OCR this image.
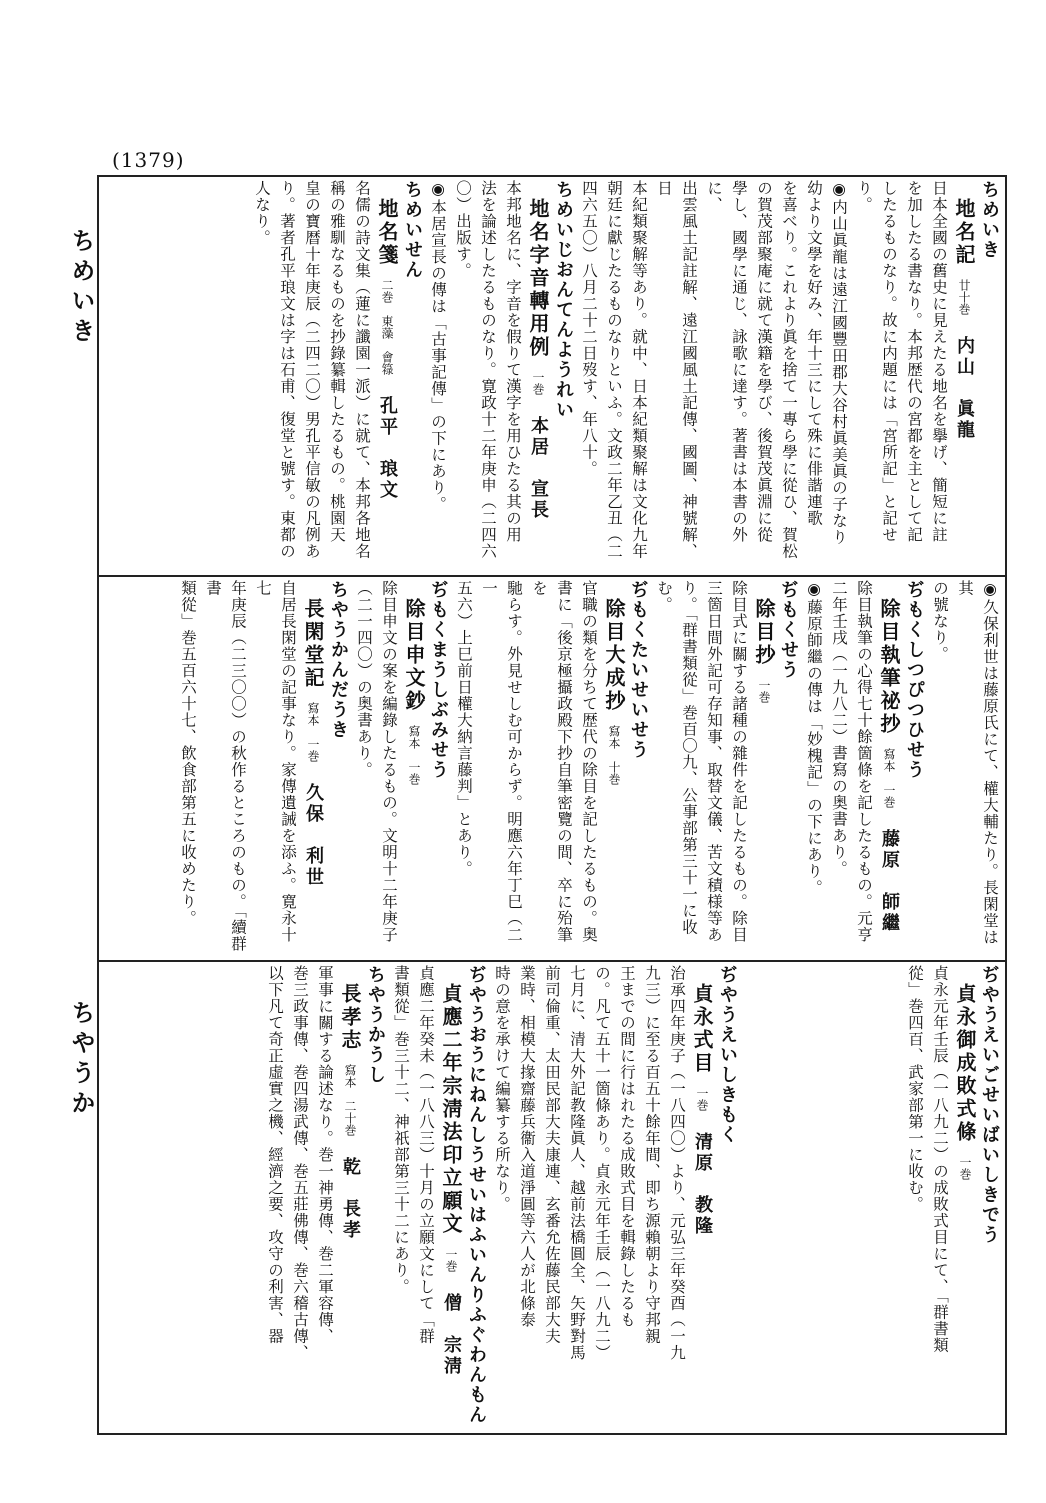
(1379)
ちめいき
ちやうか
ちめいき
地名記　廿十巻　内山　眞龍
日本全國の舊史に見えたる地名を擧げ、簡短に註
を加したる書なり。本邦歴代の宮都を主として記
したるものなり。故に内題には「宮所記」と記せり。
◉内山眞龍は遠江國豐田郡大谷村眞美眞の子なり
幼より文學を好み、年十三にして殊に俳諧連歌
を喜べり。これより眞を捨て一專ら學に從ひ、賀松
の賀茂部聚庵に就て漢籍を學び、後賀茂眞淵に從
學し、國學に通じ、詠歌に達す。著書は本書の外に、
出雲風土記註解、遠江國風土記傳、國圖、神號解、日
本紀類聚解等あり。就中、日本紀類聚解は文化九年
朝廷に獻じたるものなりといふ。文政二年乙丑（二
四六五〇）八月二十二日歿す、年八十。
ちめいじおんてんようれい
地名字音轉用例　一巻　本居　宣長
本邦地名に、字音を假りて漢字を用ひたる其の用
法を論述したるものなり。寛政十二年庚申（二四六
〇）出版す。
◉本居宣長の傳は「古事記傳」の下にあり。
ちめいせん
地名箋　二巻　東藻　會簶　孔平　琅文
名儒の詩文集（蓮に讖園一派）に就て、本邦各地名
稱の雅馴なるものを抄錄纂輯したるもの。桃園天
皇の寶暦十年庚辰（二四二〇）男孔平信敏の凡例あ
り。著者孔平琅文は字は石甫、復堂と號す。東都の
人なり。
◉久保利世は藤原氏にて、權大輔たり。長閑堂は其
の號なり。
ぢもくしつぴつひせう
除目執筆祕抄　寫本　一巻　藤原　師繼
除目執筆の心得七十餘箇條を記したるもの。元亨
二年壬戌（一九八二）書寫の奥書あり。
◉藤原師繼の傳は「妙槐記」の下にあり。
ぢもくせう
除目抄　一巻
除目式に關する諸種の雜件を記したるもの。除目
三箇日間外記可存知事、取替文儀、苦文積様等あ
り。「群書類從」巻百〇九、公事部第三十一に收む。
ぢもくたいせいせう
除目大成抄　寫本　十巻
官職の類を分ちて歴代の除目を記したるもの。奥
書に「後京極攝政殿下抄自筆密覽の間、卒に殆筆を
馳らす。外見せしむ可からず。明應六年丁巳（二一
五六）上巳前日權大納言藤判」とあり。
ぢもくまうしぶみせう
除目申文鈔　寫本　一巻
除目申文の案を編錄したるもの。文明十二年庚子
（二一四〇）の奥書あり。
ちやうかんだうき
長閑堂記　寫本　一巻　久保　利世
自居長閑堂の記事なり。家傳遺誡を添ふ。寛永十七
年庚辰（二三〇〇）の秋作るところのもの。「續群書
類從」巻五百六十七、飲食部第五に收めたり。
ぢやうえいごせいばいしきでう
貞永御成敗式條　一巻
貞永元年壬辰（一八九二）の成敗式目にて、「群書類
從」巻四百、武家部第一に收む。
ぢやうえいしきもく
貞永式目　一巻　清原　教隆
治承四年庚子（一八四〇）より、元弘三年癸酉（一九
九三）に至る百五十餘年間、即ち源賴朝より守邦親
王までの間に行はれたる成敗式目を輯錄したるも
の。凡て五十一箇條あり。貞永元年壬辰（一八九二）
七月に、清大外記教隆眞人、越前法橋圓全、矢野對馬
前司倫重、太田民部大夫康連、玄番允佐藤民部大夫
業時、相模大掾齋藤兵衞入道淨圓等六人が北條泰
時の意を承けて編纂する所なり。
ぢやうおうにねんしうせいはふいんりふぐわんもん
貞應二年宗淸法印立願文　一巻　僧　宗淸
貞應二年癸未（一八八三）十月の立願文にして「群
書類從」巻三十二、神祇部第三十二にあり。
ちやうかうし
長孝志　寫本　二十巻　乾　長孝
軍事に關する論述なり。巻一神勇傳、巻二軍容傳、
巻三政事傳、巻四湯武傳、巻五莊佛傳、巻六稽古傳、
以下凡て奇正虛實之機、經濟之要、攻守の利害、器
